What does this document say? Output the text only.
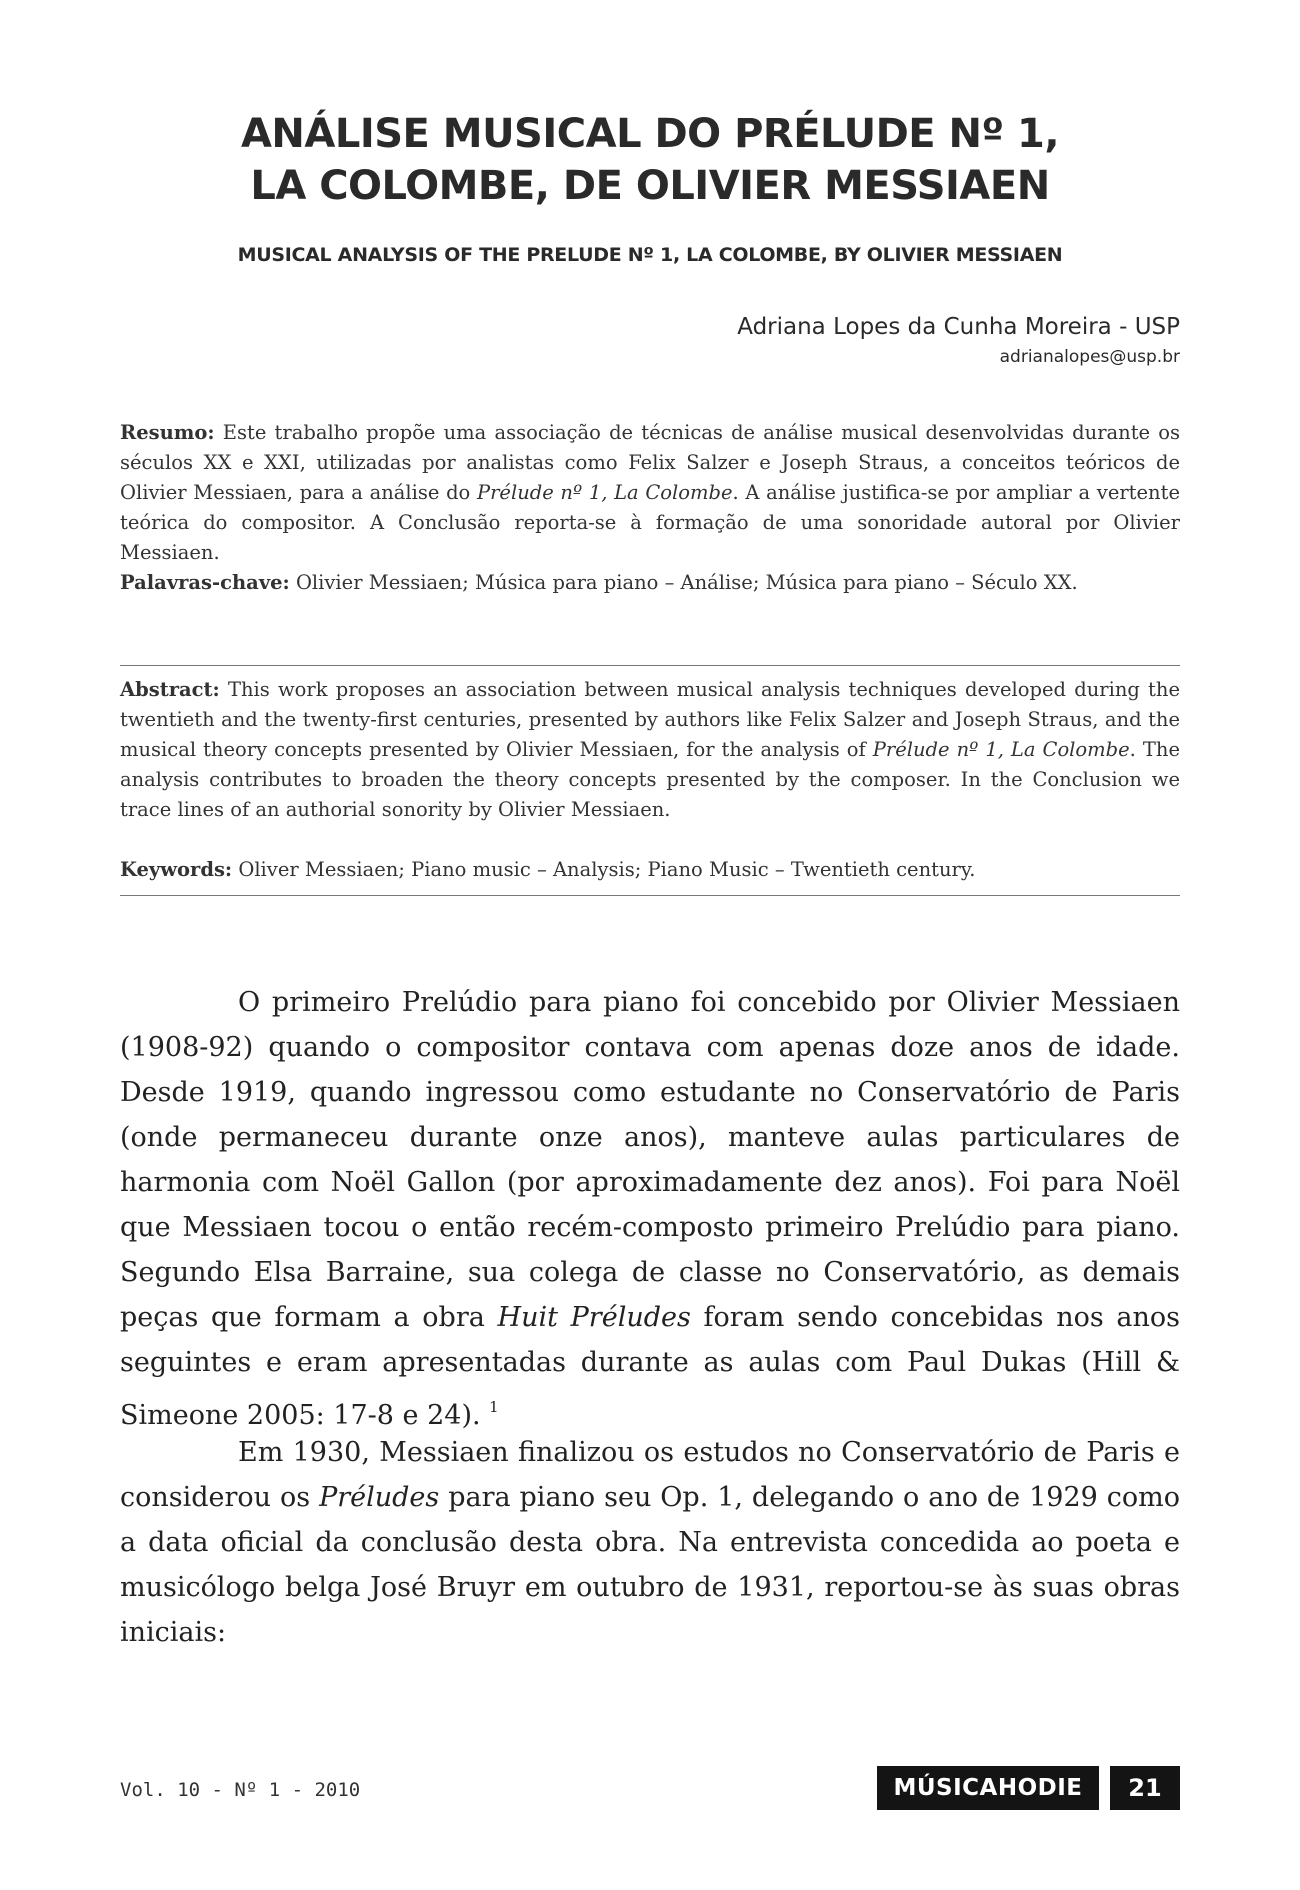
ANÁLISE MUSICAL DO PRÉLUDE Nº 1,
LA COLOMBE, DE OLIVIER MESSIAEN
MUSICAL ANALYSIS OF THE PRELUDE Nº 1, LA COLOMBE, BY OLIVIER MESSIAEN
Adriana Lopes da Cunha Moreira - USP
adrianalopes@usp.br
Resumo: Este trabalho propõe uma associação de técnicas de análise musical desenvolvidas durante os séculos XX e XXI, utilizadas por analistas como Felix Salzer e Joseph Straus, a conceitos teóricos de Olivier Messiaen, para a análise do Prélude nº 1, La Colombe. A análise justifica-se por ampliar a vertente teórica do compositor. A Conclusão reporta-se à formação de uma sonoridade autoral por Olivier Messiaen.
Palavras-chave: Olivier Messiaen; Música para piano – Análise; Música para piano – Século XX.
Abstract: This work proposes an association between musical analysis techniques developed during the twentieth and the twenty-first centuries, presented by authors like Felix Salzer and Joseph Straus, and the musical theory concepts presented by Olivier Messiaen, for the analysis of Prélude nº 1, La Colombe. The analysis contributes to broaden the theory concepts presented by the composer. In the Conclusion we trace lines of an authorial sonority by Olivier Messiaen.
Keywords: Oliver Messiaen; Piano music – Analysis; Piano Music – Twentieth century.

O primeiro Prelúdio para piano foi concebido por Olivier Messiaen (1908-92) quando o compositor contava com apenas doze anos de idade. Desde 1919, quando ingressou como estudante no Conservatório de Paris (onde permaneceu durante onze anos), manteve aulas particulares de harmonia com Noël Gallon (por aproximadamente dez anos). Foi para Noël que Messiaen tocou o então recém-composto primeiro Prelúdio para piano. Segundo Elsa Barraine, sua colega de classe no Conservatório, as demais peças que formam a obra Huit Préludes foram sendo concebidas nos anos seguintes e eram apresentadas durante as aulas com Paul Dukas (Hill & Simeone 2005: 17-8 e 24). $^1$

Em 1930, Messiaen finalizou os estudos no Conservatório de Paris e considerou os Préludes para piano seu Op. 1, delegando o ano de 1929 como a data oficial da conclusão desta obra. Na entrevista concedida ao poeta e musicólogo belga José Bruyr em outubro de 1931, reportou-se às suas obras iniciais:

Vol. 10 - Nº 1 - 2010	MÚSICAHODIE	21
